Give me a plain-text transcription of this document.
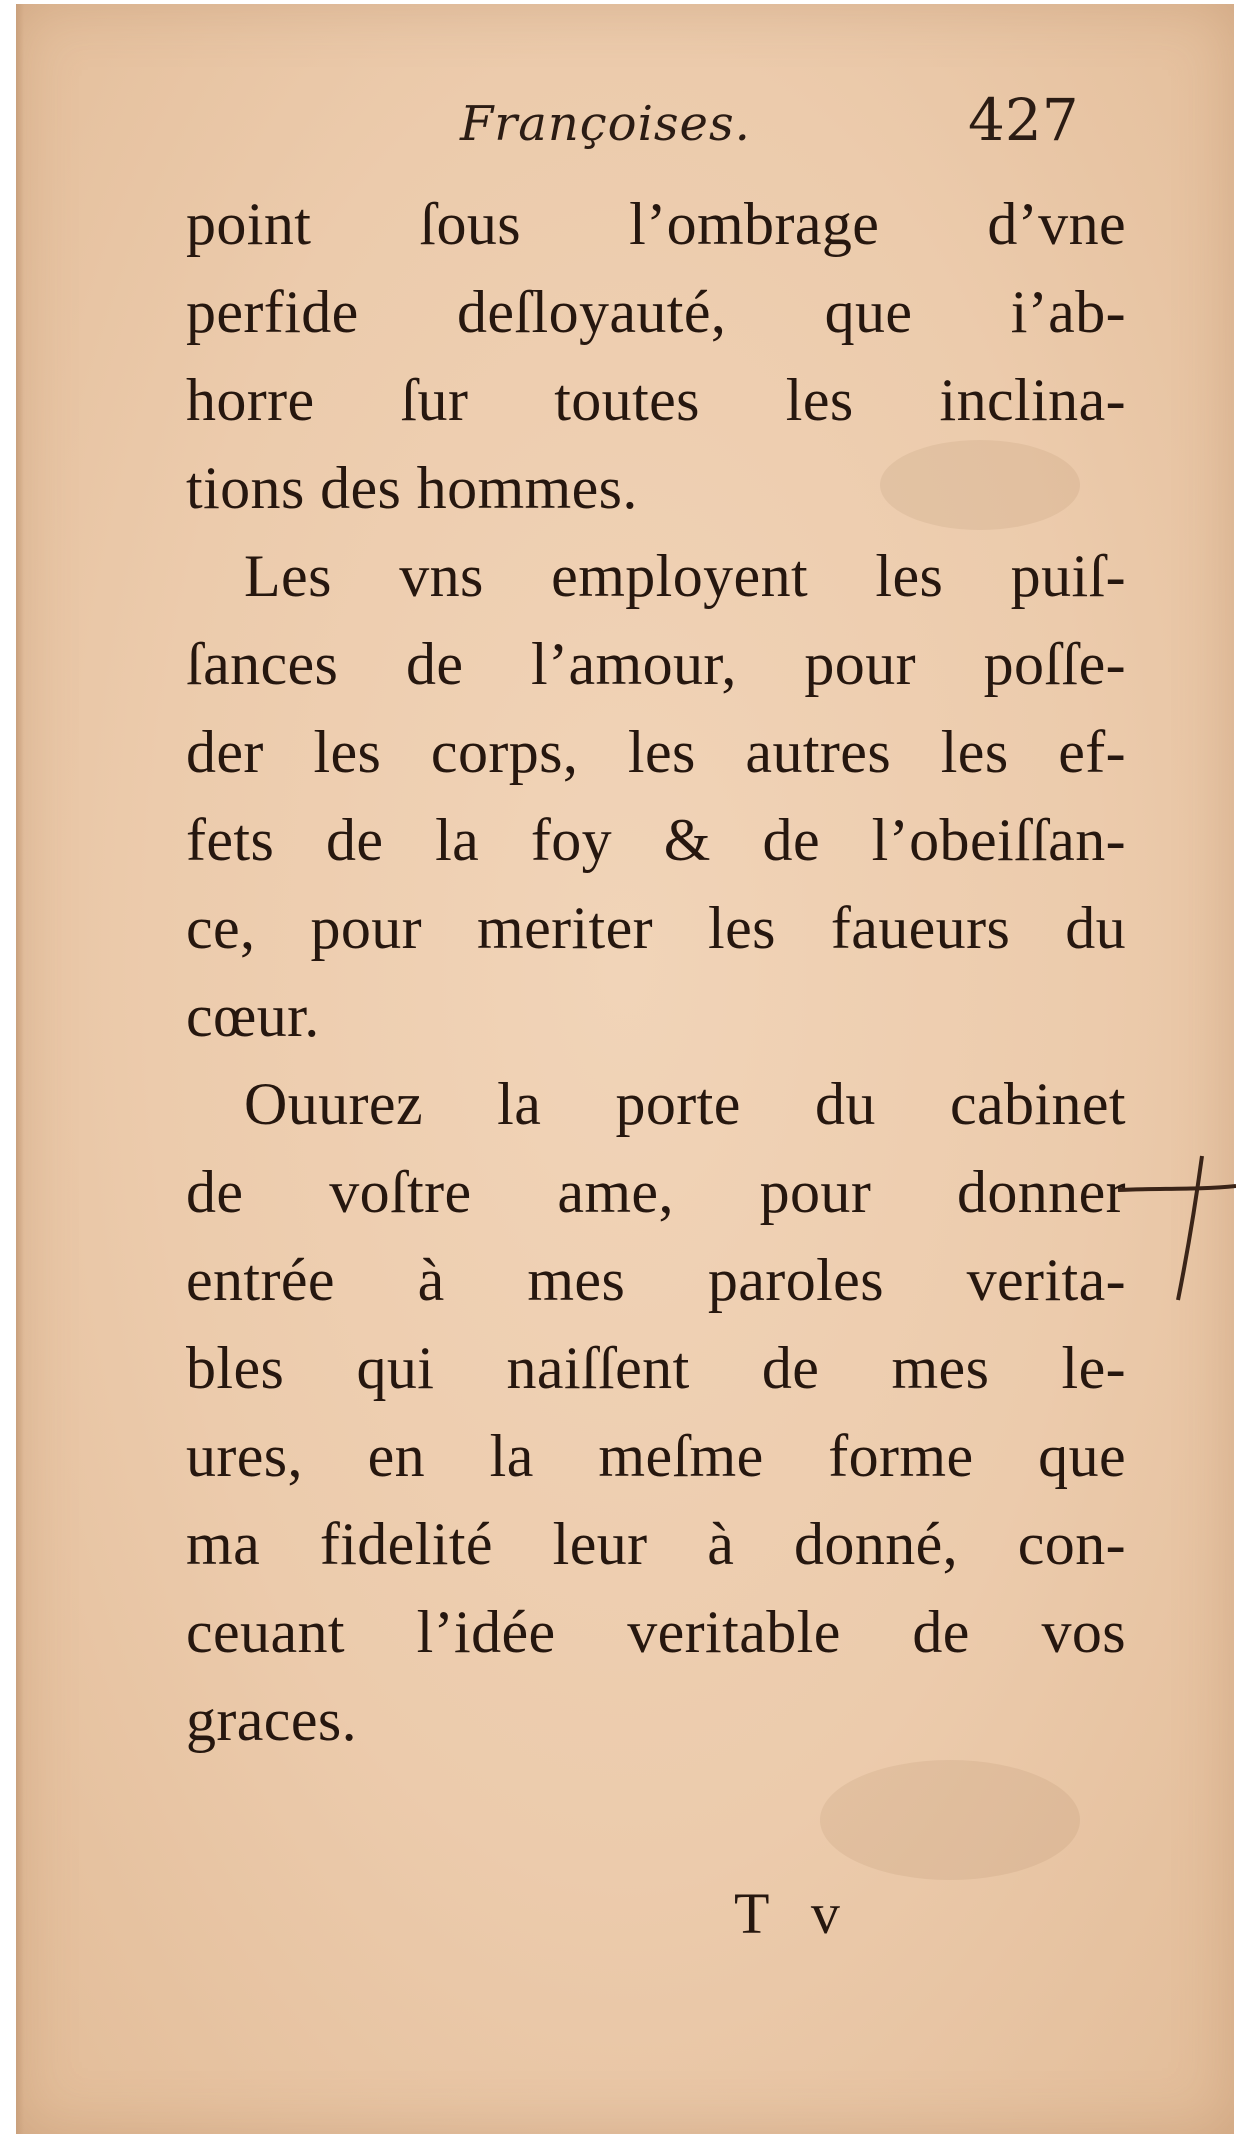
Françoises.	427
point ſous l’ombrage d’vne
perfide deſloyauté, que i’ab-
horre ſur toutes les inclina-
tions des hommes.
Les vns employent les puiſ-
ſances de l’amour, pour poſſe-
der les corps, les autres les ef-
fets de la foy & de l’obeiſſan-
ce, pour meriter les faueurs du
cœur.
Ouurez la porte du cabinet
de voſtre ame, pour donner
entrée à mes paroles verita-
bles qui naiſſent de mes le-
ures, en la meſme forme que
ma fidelité leur à donné, con-
ceuant l’idée veritable de vos
graces.
T v
